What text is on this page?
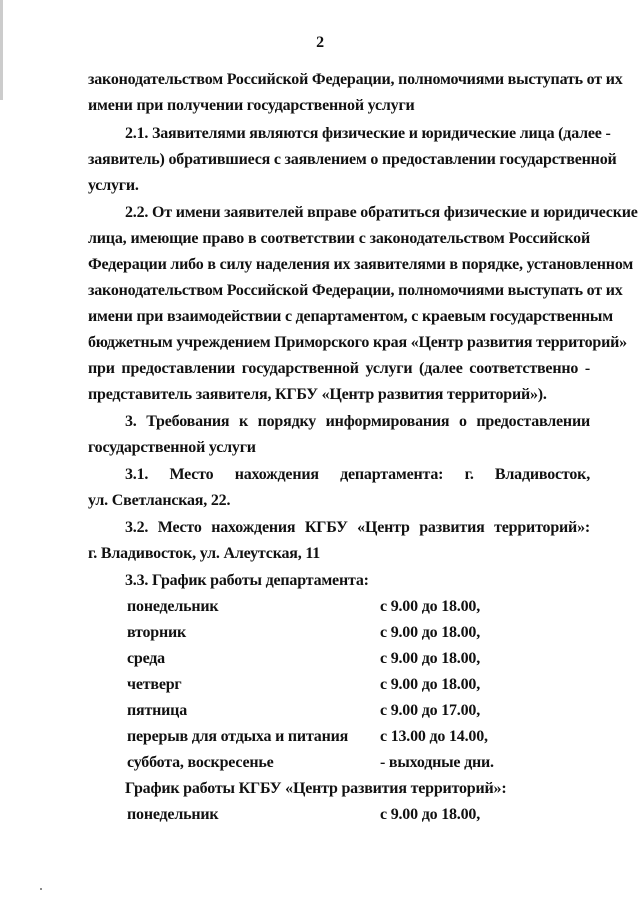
2
законодательством Российской Федерации, полномочиями выступать от их
имени при получении государственной услуги
2.1. Заявителями являются физические и юридические лица (далее -
заявитель) обратившиеся с заявлением о предоставлении государственной
услуги.
2.2. От имени заявителей вправе обратиться физические и юридические
лица, имеющие право в соответствии с законодательством Российской
Федерации либо в силу наделения их заявителями в порядке, установленном
законодательством Российской Федерации, полномочиями выступать от их
имени при взаимодействии с департаментом, с краевым государственным
бюджетным учреждением Приморского края «Центр развития территорий»
при предоставлении государственной услуги (далее соответственно -
представитель заявителя, КГБУ «Центр развития территорий»).
3. Требования к порядку информирования о предоставлении
государственной услуги
3.1. Место нахождения департамента: г. Владивосток,
ул. Светланская, 22.
3.2. Место нахождения КГБУ «Центр развития территорий»:
г. Владивосток, ул. Алеутская, 11
3.3. График работы департамента:
понедельник	с 9.00 до 18.00,
вторник	с 9.00 до 18.00,
среда	с 9.00 до 18.00,
четверг	с 9.00 до 18.00,
пятница	с 9.00 до 17.00,
перерыв для отдыха и питания	с 13.00 до 14.00,
суббота, воскресенье	- выходные дни.
График работы КГБУ «Центр развития территорий»:
понедельник	с 9.00 до 18.00,
